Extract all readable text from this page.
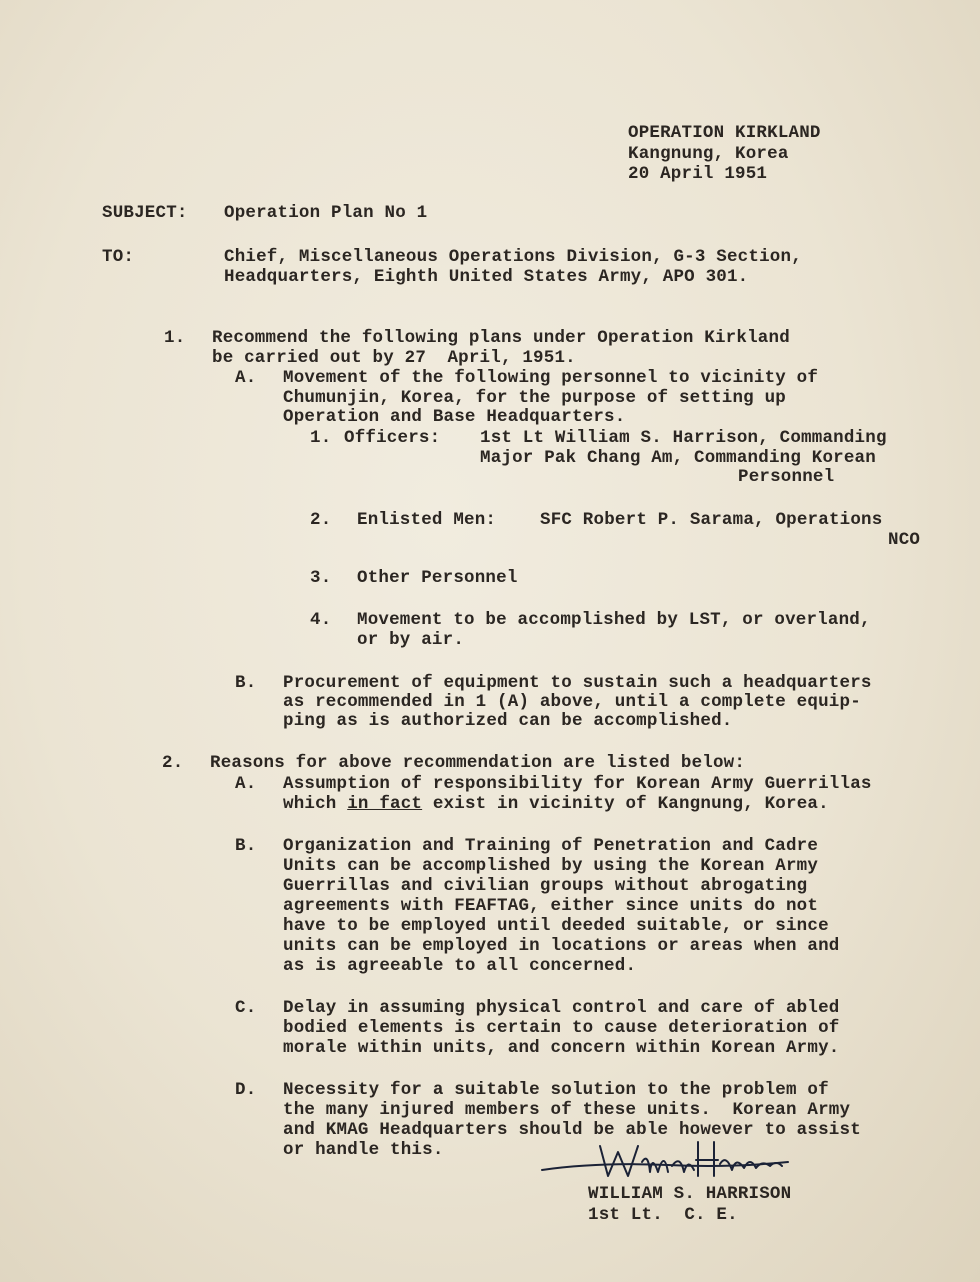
OPERATION KIRKLAND
Kangnung, Korea
20 April 1951
SUBJECT: Operation Plan No 1
TO:	Chief, Miscellaneous Operations Division, G-3 Section,
Headquarters, Eighth United States Army, APO 301.
1. Recommend the following plans under Operation Kirkland
be carried out by 27  April, 1951.
A. Movement of the following personnel to vicinity of
Chumunjin, Korea, for the purpose of setting up
Operation and Base Headquarters.
1. Officers: 1st Lt William S. Harrison, Commanding
Major Pak Chang Am, Commanding Korean
Personnel
2. Enlisted Men:	SFC Robert P. Sarama, Operations
NCO
3. Other Personnel
4. Movement to be accomplished by LST, or overland,
or by air.
B. Procurement of equipment to sustain such a headquarters
as recommended in 1 (A) above, until a complete equip-
ping as is authorized can be accomplished.
2. Reasons for above recommendation are listed below:
A. Assumption of responsibility for Korean Army Guerrillas
which in fact exist in vicinity of Kangnung, Korea.
B. Organization and Training of Penetration and Cadre
Units can be accomplished by using the Korean Army
Guerrillas and civilian groups without abrogating
agreements with FEAFTAG, either since units do not
have to be employed until deeded suitable, or since
units can be employed in locations or areas when and
as is agreeable to all concerned.
C. Delay in assuming physical control and care of abled
bodied elements is certain to cause deterioration of
morale within units, and concern within Korean Army.
D. Necessity for a suitable solution to the problem of
the many injured members of these units.  Korean Army
and KMAG Headquarters should be able however to assist
or handle this.
WILLIAM S. HARRISON
1st Lt.  C. E.
